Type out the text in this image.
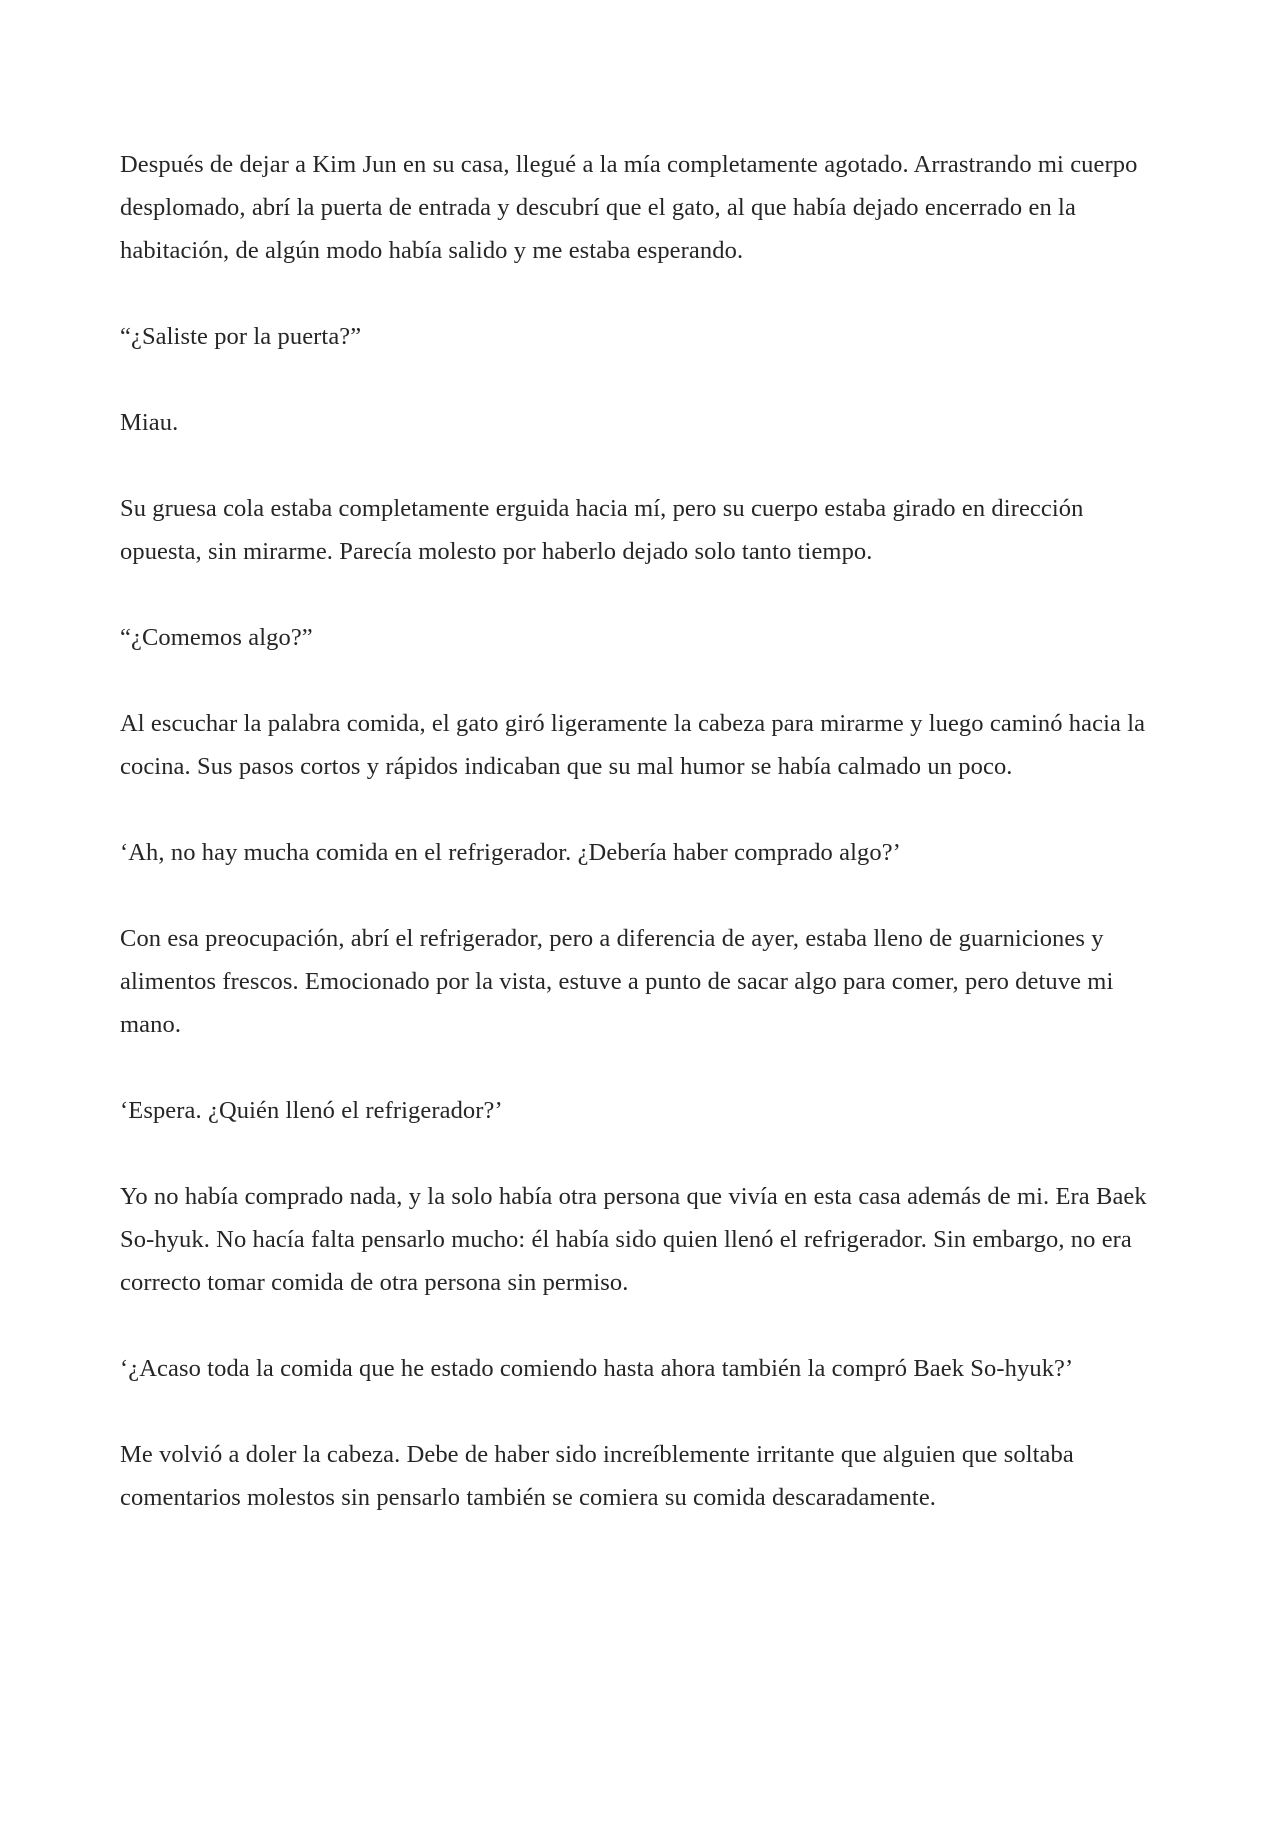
Después de dejar a Kim Jun en su casa, llegué a la mía completamente agotado. Arrastrando mi cuerpo desplomado, abrí la puerta de entrada y descubrí que el gato, al que había dejado encerrado en la habitación, de algún modo había salido y me estaba esperando.

“¿Saliste por la puerta?”

Miau.

Su gruesa cola estaba completamente erguida hacia mí, pero su cuerpo estaba girado en dirección opuesta, sin mirarme. Parecía molesto por haberlo dejado solo tanto tiempo.

“¿Comemos algo?”

Al escuchar la palabra comida, el gato giró ligeramente la cabeza para mirarme y luego caminó hacia la cocina. Sus pasos cortos y rápidos indicaban que su mal humor se había calmado un poco.

‘Ah, no hay mucha comida en el refrigerador. ¿Debería haber comprado algo?’

Con esa preocupación, abrí el refrigerador, pero a diferencia de ayer, estaba lleno de guarniciones y alimentos frescos. Emocionado por la vista, estuve a punto de sacar algo para comer, pero detuve mi mano.

‘Espera. ¿Quién llenó el refrigerador?’

Yo no había comprado nada, y la solo había otra persona que vivía en esta casa además de mi. Era Baek So-hyuk. No hacía falta pensarlo mucho: él había sido quien llenó el refrigerador. Sin embargo, no era correcto tomar comida de otra persona sin permiso.

‘¿Acaso toda la comida que he estado comiendo hasta ahora también la compró Baek So-hyuk?’

Me volvió a doler la cabeza. Debe de haber sido increíblemente irritante que alguien que soltaba comentarios molestos sin pensarlo también se comiera su comida descaradamente.
